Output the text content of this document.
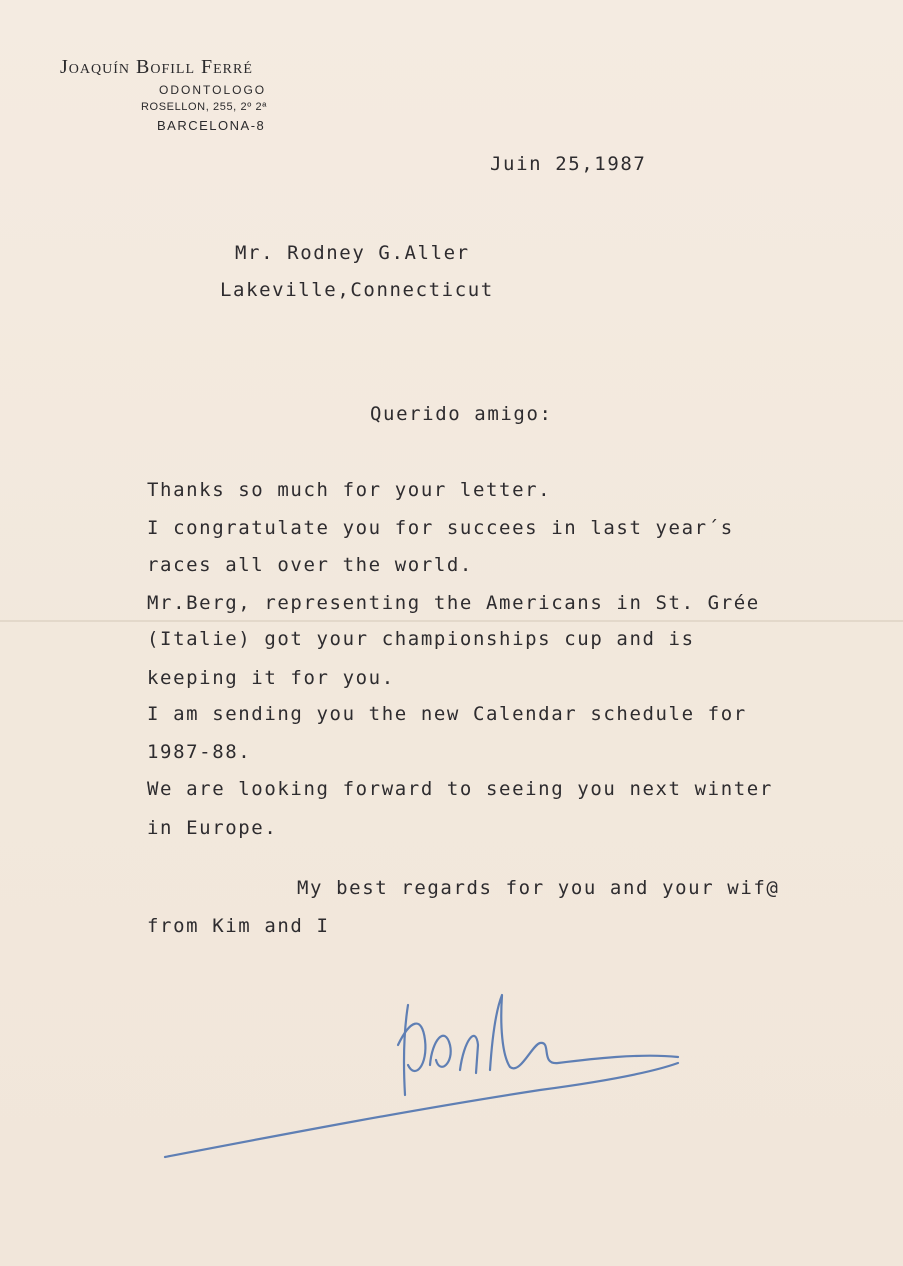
Joaquín Bofill Ferré

ODONTOLOGO

ROSELLON, 255, 2º 2ª

BARCELONA-8

Juin 25,1987

Mr. Rodney G.Aller

Lakeville,Connecticut

Querido amigo:

Thanks so much for your letter.

I congratulate you for succees in last year´s

races all over the world.

Mr.Berg, representing the Americans in St. Grée

(Italie) got your championships cup and is

keeping it for you.

I am sending you the new Calendar schedule for

1987-88.

We are looking forward to seeing you next winter

in Europe.

My best regards for you and your wif@

from Kim and I
